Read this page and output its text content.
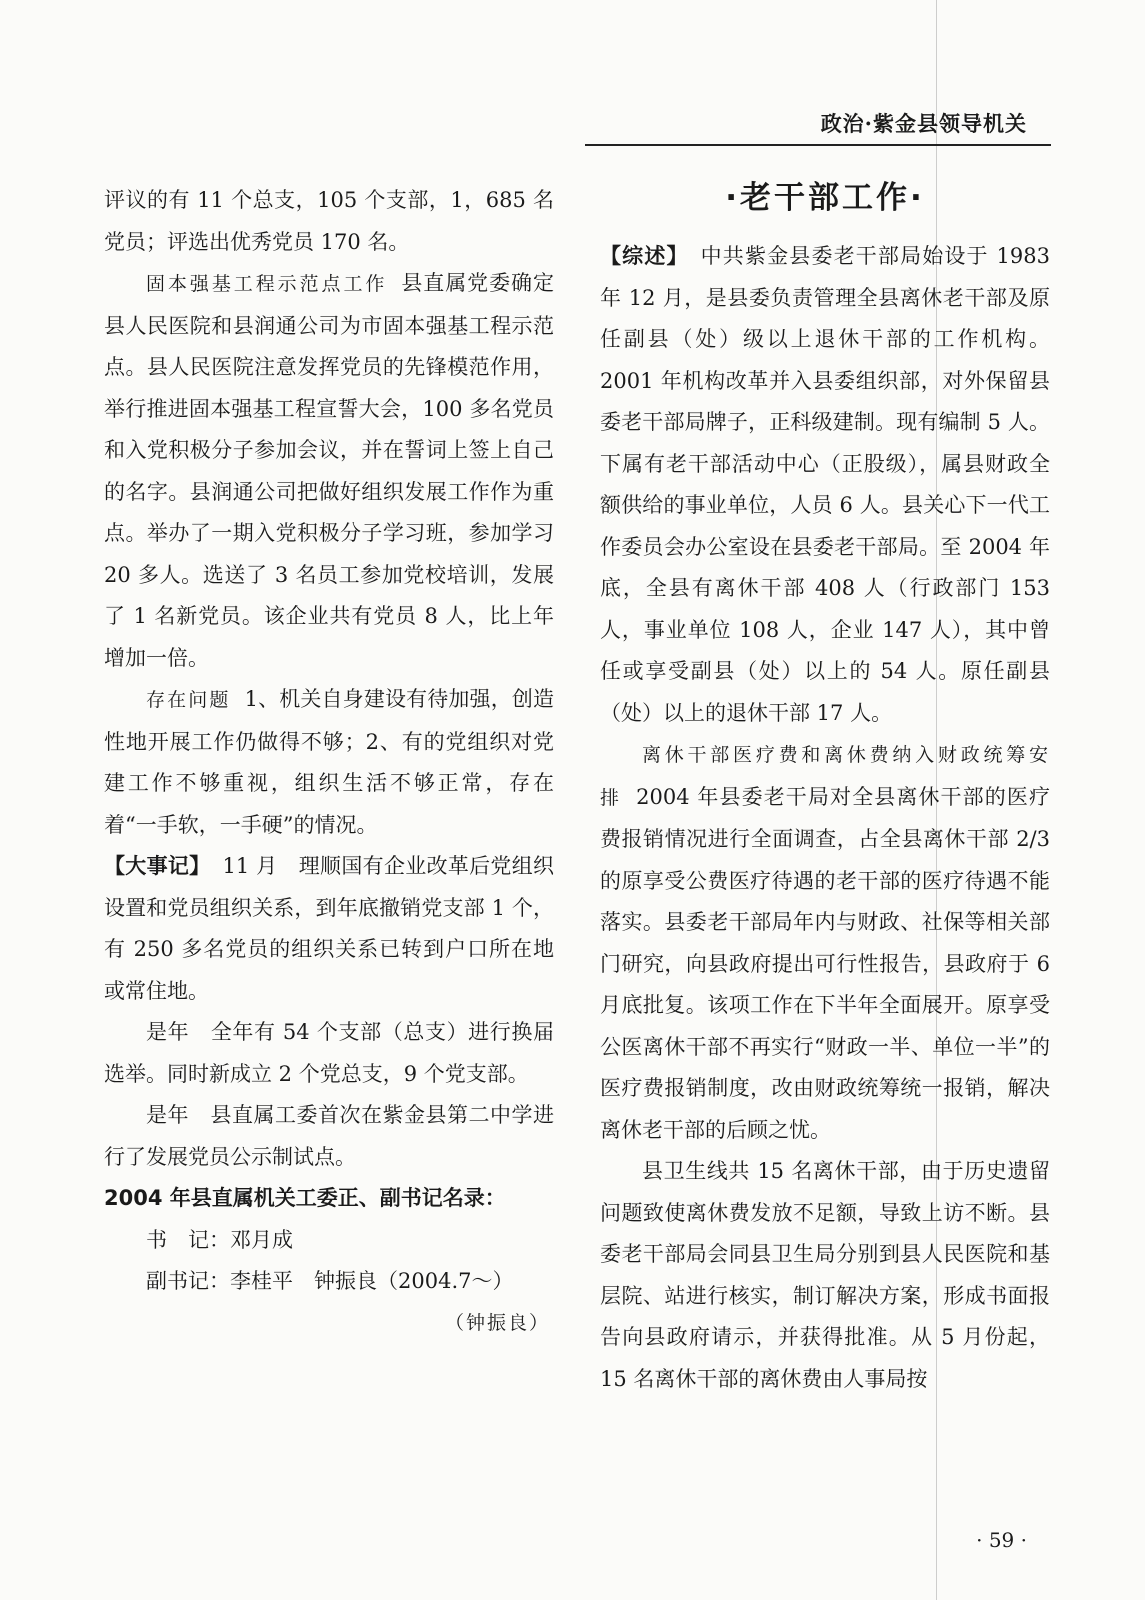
政治·紫金县领导机关

评议的有 11 个总支，105 个支部，1，685 名党员；评选出优秀党员 170 名。

固本强基工程示范点工作 县直属党委确定县人民医院和县润通公司为市固本强基工程示范点。县人民医院注意发挥党员的先锋模范作用，举行推进固本强基工程宣誓大会，100 多名党员和入党积极分子参加会议，并在誓词上签上自己的名字。县润通公司把做好组织发展工作作为重点。举办了一期入党积极分子学习班，参加学习 20 多人。选送了 3 名员工参加党校培训，发展了 1 名新党员。该企业共有党员 8 人，比上年增加一倍。

存在问题 1、机关自身建设有待加强，创造性地开展工作仍做得不够；2、有的党组织对党建工作不够重视，组织生活不够正常，存在着“一手软，一手硬”的情况。

【大事记】 11 月　理顺国有企业改革后党组织设置和党员组织关系，到年底撤销党支部 1 个，有 250 多名党员的组织关系已转到户口所在地或常住地。

是年　全年有 54 个支部（总支）进行换届选举。同时新成立 2 个党总支，9 个党支部。

是年　县直属工委首次在紫金县第二中学进行了发展党员公示制试点。

2004 年县直属机关工委正、副书记名录：

书　记：邓月成

副书记：李桂平　钟振良（2004.7～）

（钟振良）

·老干部工作·

【综述】 中共紫金县委老干部局始设于 1983 年 12 月，是县委负责管理全县离休老干部及原任副县（处）级以上退休干部的工作机构。2001 年机构改革并入县委组织部，对外保留县委老干部局牌子，正科级建制。现有编制 5 人。下属有老干部活动中心（正股级），属县财政全额供给的事业单位，人员 6 人。县关心下一代工作委员会办公室设在县委老干部局。至 2004 年底，全县有离休干部 408 人（行政部门 153 人，事业单位 108 人，企业 147 人），其中曾任或享受副县（处）以上的 54 人。原任副县（处）以上的退休干部 17 人。

离休干部医疗费和离休费纳入财政统筹安排 2004 年县委老干局对全县离休干部的医疗费报销情况进行全面调查，占全县离休干部 2/3 的原享受公费医疗待遇的老干部的医疗待遇不能落实。县委老干部局年内与财政、社保等相关部门研究，向县政府提出可行性报告，县政府于 6 月底批复。该项工作在下半年全面展开。原享受公医离休干部不再实行“财政一半、单位一半”的医疗费报销制度，改由财政统筹统一报销，解决离休老干部的后顾之忧。

县卫生线共 15 名离休干部，由于历史遗留问题致使离休费发放不足额，导致上访不断。县委老干部局会同县卫生局分别到县人民医院和基层院、站进行核实，制订解决方案，形成书面报告向县政府请示，并获得批准。从 5 月份起，15 名离休干部的离休费由人事局按

· 59 ·
